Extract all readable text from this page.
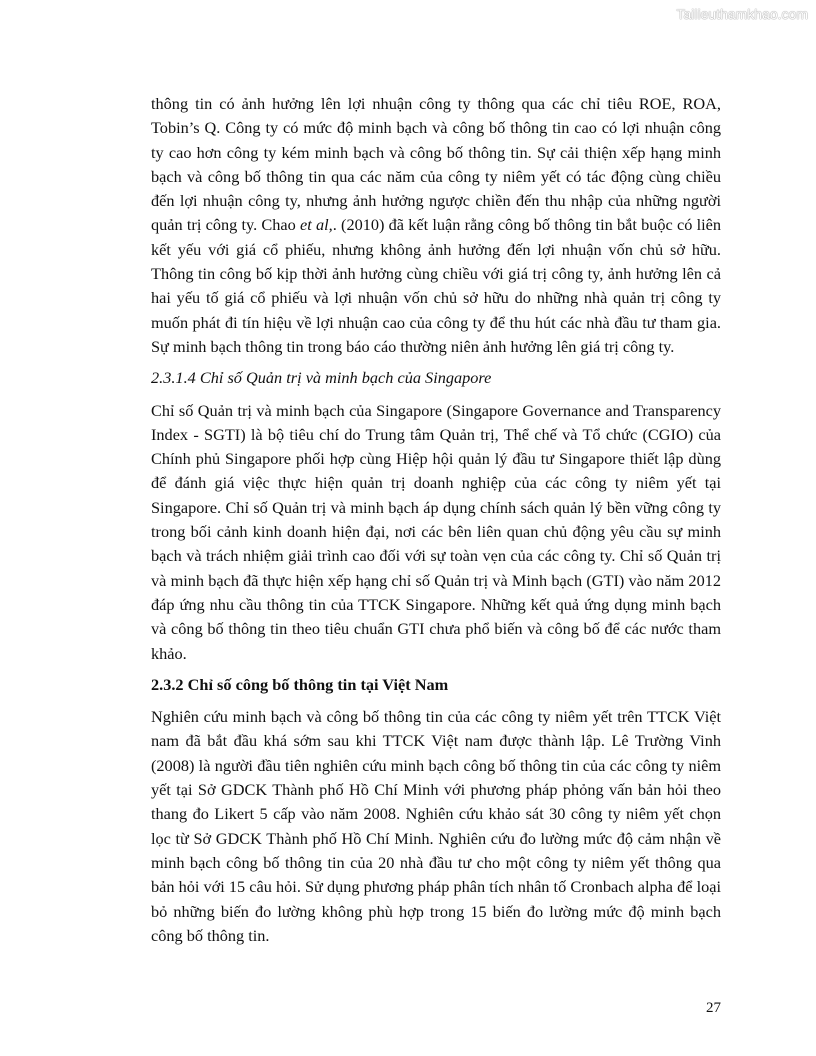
Tailieuthamkhao.com

thông tin có ảnh hưởng lên lợi nhuận công ty thông qua các chỉ tiêu ROE, ROA, Tobin’s Q. Công ty có mức độ minh bạch và công bố thông tin cao có lợi nhuận công ty cao hơn công ty kém minh bạch và công bố thông tin. Sự cải thiện xếp hạng minh bạch và công bố thông tin qua các năm của công ty niêm yết có tác động cùng chiều đến lợi nhuận công ty, nhưng ảnh hưởng ngược chiền đến thu nhập của những người quản trị công ty. Chao et al,. (2010) đã kết luận rằng công bố thông tin bắt buộc có liên kết yếu với giá cổ phiếu, nhưng không ảnh hưởng đến lợi nhuận vốn chủ sở hữu. Thông tin công bố kịp thời ảnh hưởng cùng chiều với giá trị công ty, ảnh hưởng lên cả hai yếu tố giá cổ phiếu và lợi nhuận vốn chủ sở hữu do những nhà quản trị công ty muốn phát đi tín hiệu về lợi nhuận cao của công ty để thu hút các nhà đầu tư tham gia. Sự minh bạch thông tin trong báo cáo thường niên ảnh hưởng lên giá trị công ty.

2.3.1.4 Chỉ số Quản trị và minh bạch của Singapore

Chỉ số Quản trị và minh bạch của Singapore (Singapore Governance and Transparency Index - SGTI) là bộ tiêu chí do Trung tâm Quản trị, Thể chế và Tổ chức (CGIO) của Chính phủ Singapore phối hợp cùng Hiệp hội quản lý đầu tư Singapore thiết lập dùng để đánh giá việc thực hiện quản trị doanh nghiệp của các công ty niêm yết tại Singapore. Chỉ số Quản trị và minh bạch áp dụng chính sách quản lý bền vững công ty trong bối cảnh kinh doanh hiện đại, nơi các bên liên quan chủ động yêu cầu sự minh bạch và trách nhiệm giải trình cao đối với sự toàn vẹn của các công ty. Chỉ số Quản trị và minh bạch đã thực hiện xếp hạng chỉ số Quản trị và Minh bạch (GTI) vào năm 2012 đáp ứng nhu cầu thông tin của TTCK Singapore. Những kết quả ứng dụng minh bạch và công bố thông tin theo tiêu chuẩn GTI chưa phổ biến và công bố để các nước tham khảo.

2.3.2 Chỉ số công bố thông tin tại Việt Nam

Nghiên cứu minh bạch và công bố thông tin của các công ty niêm yết trên TTCK Việt nam đã bắt đầu khá sớm sau khi TTCK Việt nam được thành lập. Lê Trường Vinh (2008) là người đầu tiên nghiên cứu minh bạch công bố thông tin của các công ty niêm yết tại Sở GDCK Thành phố Hồ Chí Minh với phương pháp phỏng vấn bản hỏi theo thang đo Likert 5 cấp vào năm 2008. Nghiên cứu khảo sát 30 công ty niêm yết chọn lọc từ Sở GDCK Thành phố Hồ Chí Minh. Nghiên cứu đo lường mức độ cảm nhận về minh bạch công bố thông tin của 20 nhà đầu tư cho một công ty niêm yết thông qua bản hỏi với 15 câu hỏi. Sử dụng phương pháp phân tích nhân tố Cronbach alpha để loại bỏ những biến đo lường không phù hợp trong 15 biến đo lường mức độ minh bạch công bố thông tin.

27
